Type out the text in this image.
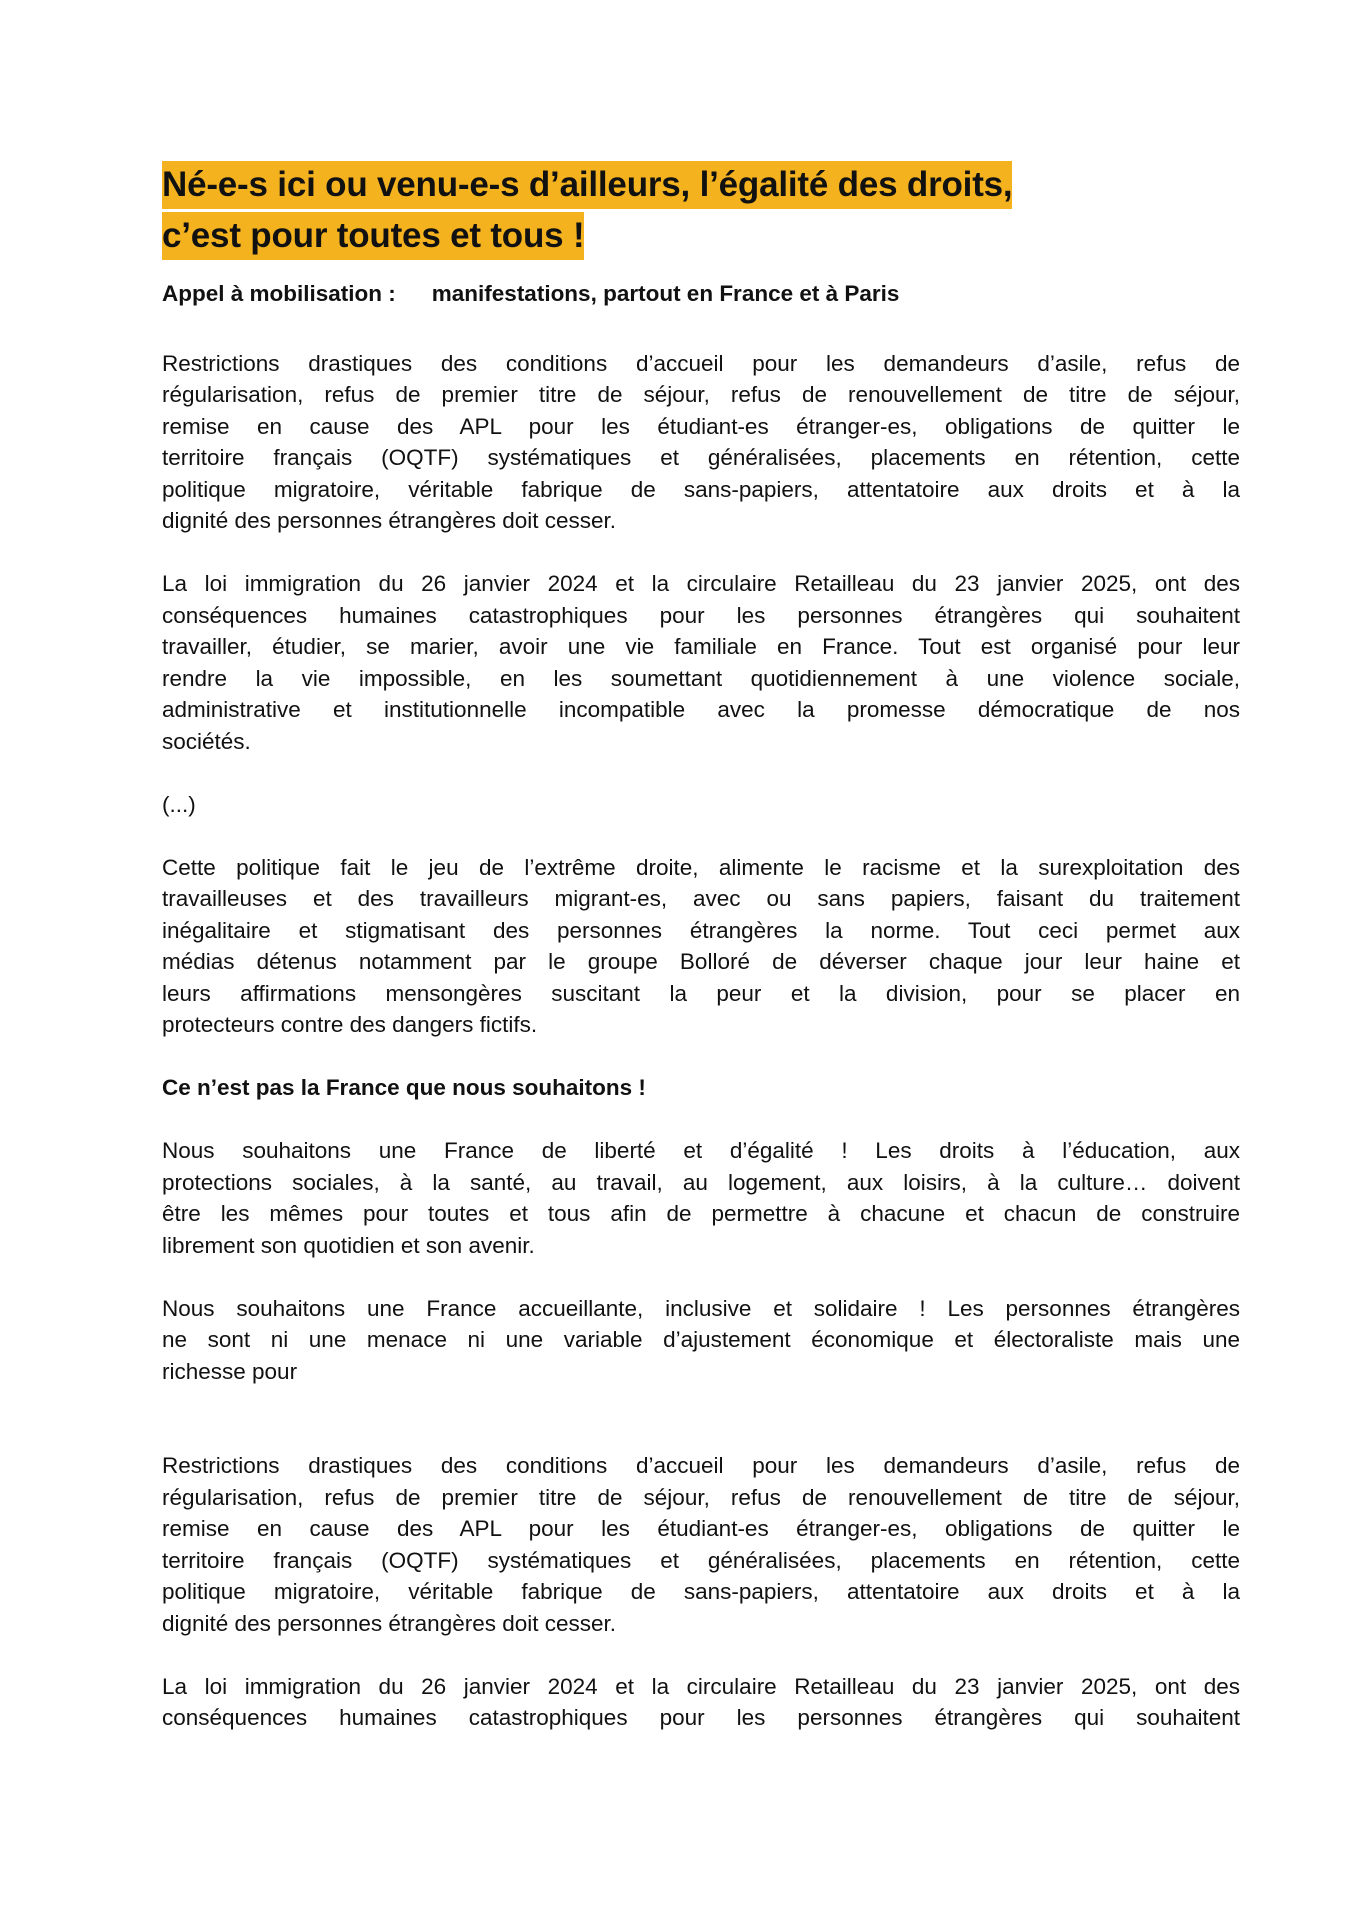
Né-e-s ici ou venu-e-s d’ailleurs, l’égalité des droits,
c’est pour toutes et tous !

Appel à mobilisation : manifestations, partout en France et à Paris

Restrictions drastiques des conditions d’accueil pour les demandeurs d’asile, refus de
régularisation, refus de premier titre de séjour, refus de renouvellement de titre de séjour,
remise en cause des APL pour les étudiant-es étranger-es, obligations de quitter le
territoire français (OQTF) systématiques et généralisées, placements en rétention, cette
politique migratoire, véritable fabrique de sans-papiers, attentatoire aux droits et à la
dignité des personnes étrangères doit cesser.

La loi immigration du 26 janvier 2024 et la circulaire Retailleau du 23 janvier 2025, ont des
conséquences humaines catastrophiques pour les personnes étrangères qui souhaitent
travailler, étudier, se marier, avoir une vie familiale en France. Tout est organisé pour leur
rendre la vie impossible, en les soumettant quotidiennement à une violence sociale,
administrative et institutionnelle incompatible avec la promesse démocratique de nos
sociétés.

(...)

Cette politique fait le jeu de l’extrême droite, alimente le racisme et la surexploitation des
travailleuses et des travailleurs migrant-es, avec ou sans papiers, faisant du traitement
inégalitaire et stigmatisant des personnes étrangères la norme. Tout ceci permet aux
médias détenus notamment par le groupe Bolloré de déverser chaque jour leur haine et
leurs affirmations mensongères suscitant la peur et la division, pour se placer en
protecteurs contre des dangers fictifs.

Ce n’est pas la France que nous souhaitons !

Nous souhaitons une France de liberté et d’égalité ! Les droits à l’éducation, aux
protections sociales, à la santé, au travail, au logement, aux loisirs, à la culture… doivent
être les mêmes pour toutes et tous afin de permettre à chacune et chacun de construire
librement son quotidien et son avenir.

Nous souhaitons une France accueillante, inclusive et solidaire ! Les personnes étrangères
ne sont ni une menace ni une variable d’ajustement économique et électoraliste mais une
richesse pour

Restrictions drastiques des conditions d’accueil pour les demandeurs d’asile, refus de
régularisation, refus de premier titre de séjour, refus de renouvellement de titre de séjour,
remise en cause des APL pour les étudiant-es étranger-es, obligations de quitter le
territoire français (OQTF) systématiques et généralisées, placements en rétention, cette
politique migratoire, véritable fabrique de sans-papiers, attentatoire aux droits et à la
dignité des personnes étrangères doit cesser.

La loi immigration du 26 janvier 2024 et la circulaire Retailleau du 23 janvier 2025, ont des
conséquences humaines catastrophiques pour les personnes étrangères qui souhaitent
